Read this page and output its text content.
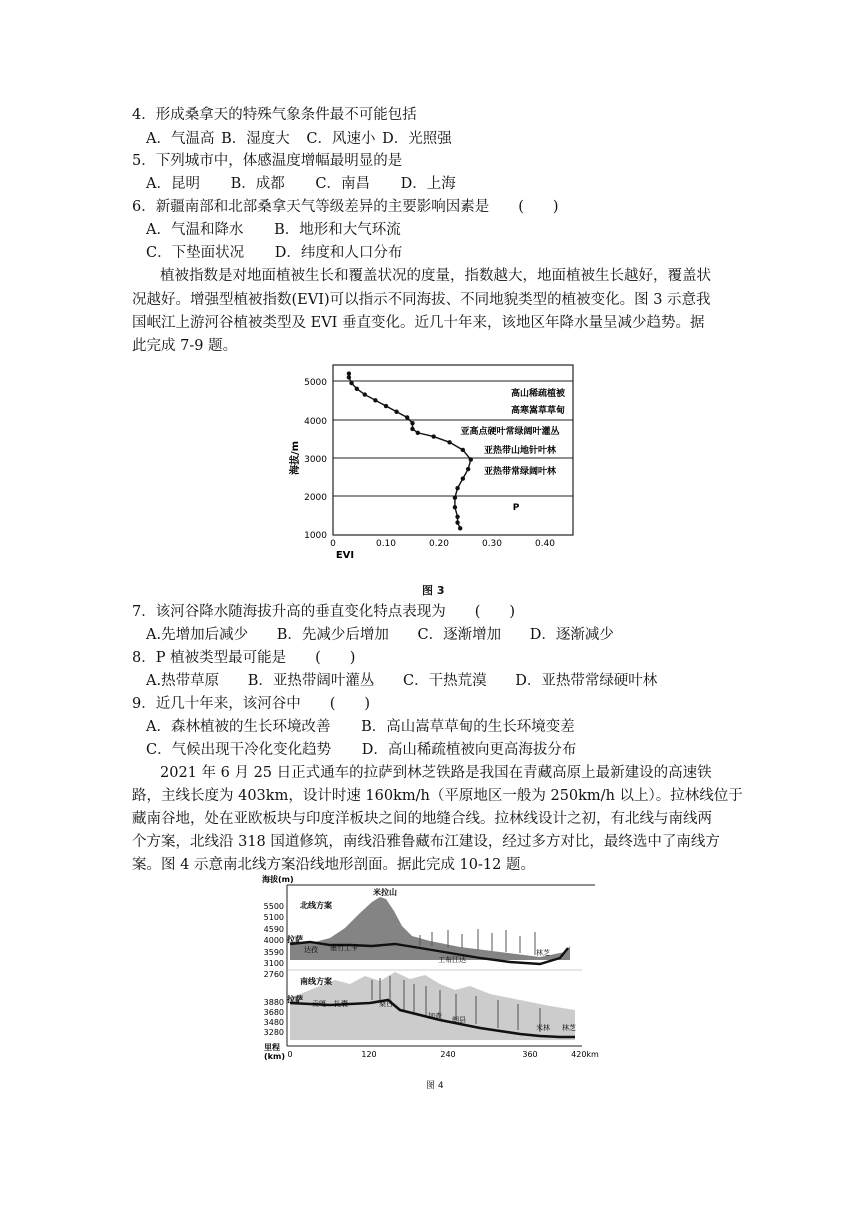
4．形成桑拿天的特殊气象条件最不可能包括
A．气温高 B．湿度大 C．风速小 D．光照强
5．下列城市中，体感温度增幅最明显的是
A．昆明 B．成都 C．南昌 D．上海
6．新疆南部和北部桑拿天气等级差异的主要影响因素是　　(　　)
A．气温和降水 B．地形和大气环流
C．下垫面状况 D．纬度和人口分布
植被指数是对地面植被生长和覆盖状况的度量，指数越大，地面植被生长越好，覆盖状
况越好。增强型植被指数(EVI)可以指示不同海拔、不同地貌类型的植被变化。图 3 示意我
国岷江上游河谷植被类型及 EVI 垂直变化。近几十年来，该地区年降水量呈减少趋势。据
此完成 7-9 题。
5000
4000
3000
2000
1000
海拔/m
0	0.10	0.20	0.30	0.40
EVI
高山稀疏植被
高寒嵩草草甸
亚高点硬叶常绿阔叶灌丛
亚热带山地针叶林
亚热带常绿阔叶林
P
图 3
7．该河谷降水随海拔升高的垂直变化特点表现为　　(　　)
A.先增加后减少 B．先减少后增加 C．逐渐增加 D．逐渐减少
8．P 植被类型最可能是　　(　　)
A.热带草原 B．亚热带阔叶灌丛 C．干热荒漠 D．亚热带常绿硬叶林
9．近几十年来，该河谷中　　(　　)
A．森林植被的生长环境改善 B．高山嵩草草甸的生长环境变差
C．气候出现干冷化变化趋势 D．高山稀疏植被向更高海拔分布
2021 年 6 月 25 日正式通车的拉萨到林芝铁路是我国在青藏高原上最新建设的高速铁
路，主线长度为 403km，设计时速 160km/h（平原地区一般为 250km/h 以上）。拉林线位于
藏南谷地，处在亚欧板块与印度洋板块之间的地缝合线。拉林线设计之初，有北线与南线两
个方案，北线沿 318 国道修筑，南线沿雅鲁藏布江建设，经过多方对比，最终选中了南线方
案。图 4 示意南北线方案沿线地形剖面。据此完成 10-12 题。
海拔(m)
5500
5100
4590
4000
3590
3100
2760
北线方案
米拉山
拉萨
达孜 墨竹工卡
工布江达
林芝
3880
3680
3480
3280
南线方案
拉萨 贡嘎 扎囊	桑日
加查 朗县
米林 林芝
里程
(km) 0	120	240	360	420km
图 4
